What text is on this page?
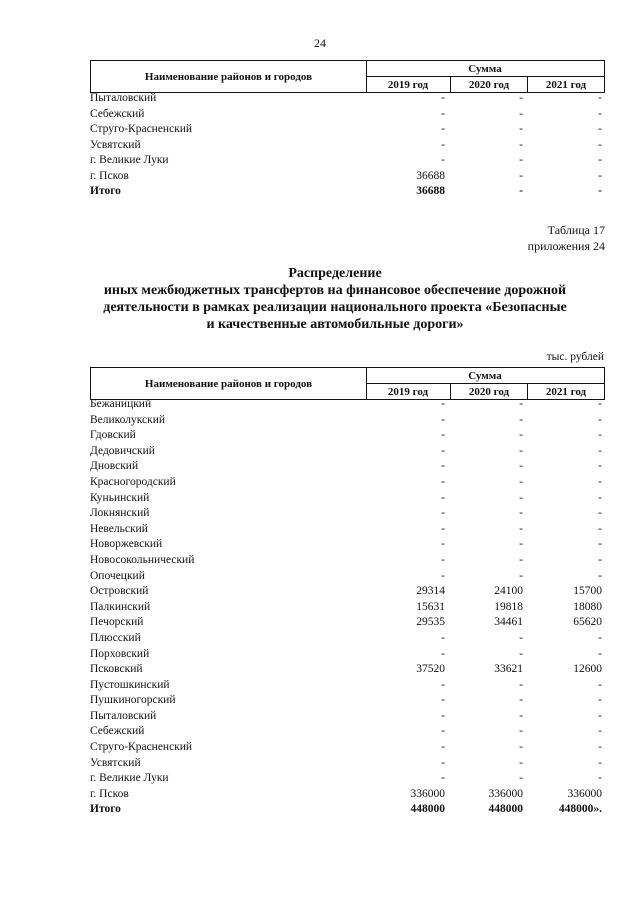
24
Наименование районов и городов
Сумма
2019 год	2020 год	2021 год
Пыталовский	-	-	-
Себежский	-	-	-
Струго-Красненский	-	-	-
Усвятский	-	-	-
г. Великие Луки	-	-	-
г. Псков	36688	-	-
Итого	36688	-	-
Таблица 17
приложения 24
Распределение
иных межбюджетных трансфертов на финансовое обеспечение дорожной
деятельности в рамках реализации национального проекта «Безопасные
и качественные автомобильные дороги»
тыс. рублей
Наименование районов и городов
Сумма
2019 год	2020 год	2021 год
Бежаницкий	-	-	-
Великолукский	-	-	-
Гдовский	-	-	-
Дедовичский	-	-	-
Дновский	-	-	-
Красногородский	-	-	-
Куньинский	-	-	-
Локнянский	-	-	-
Невельский	-	-	-
Новоржевский	-	-	-
Новосокольнический	-	-	-
Опочецкий	-	-	-
Островский	29314	24100	15700
Палкинский	15631	19818	18080
Печорский	29535	34461	65620
Плюсский	-	-	-
Порховский	-	-	-
Псковский	37520	33621	12600
Пустошкинский	-	-	-
Пушкиногорский	-	-	-
Пыталовский	-	-	-
Себежский	-	-	-
Струго-Красненский	-	-	-
Усвятский	-	-	-
г. Великие Луки	-	-	-
г. Псков	336000	336000	336000
Итого	448000	448000	448000».
